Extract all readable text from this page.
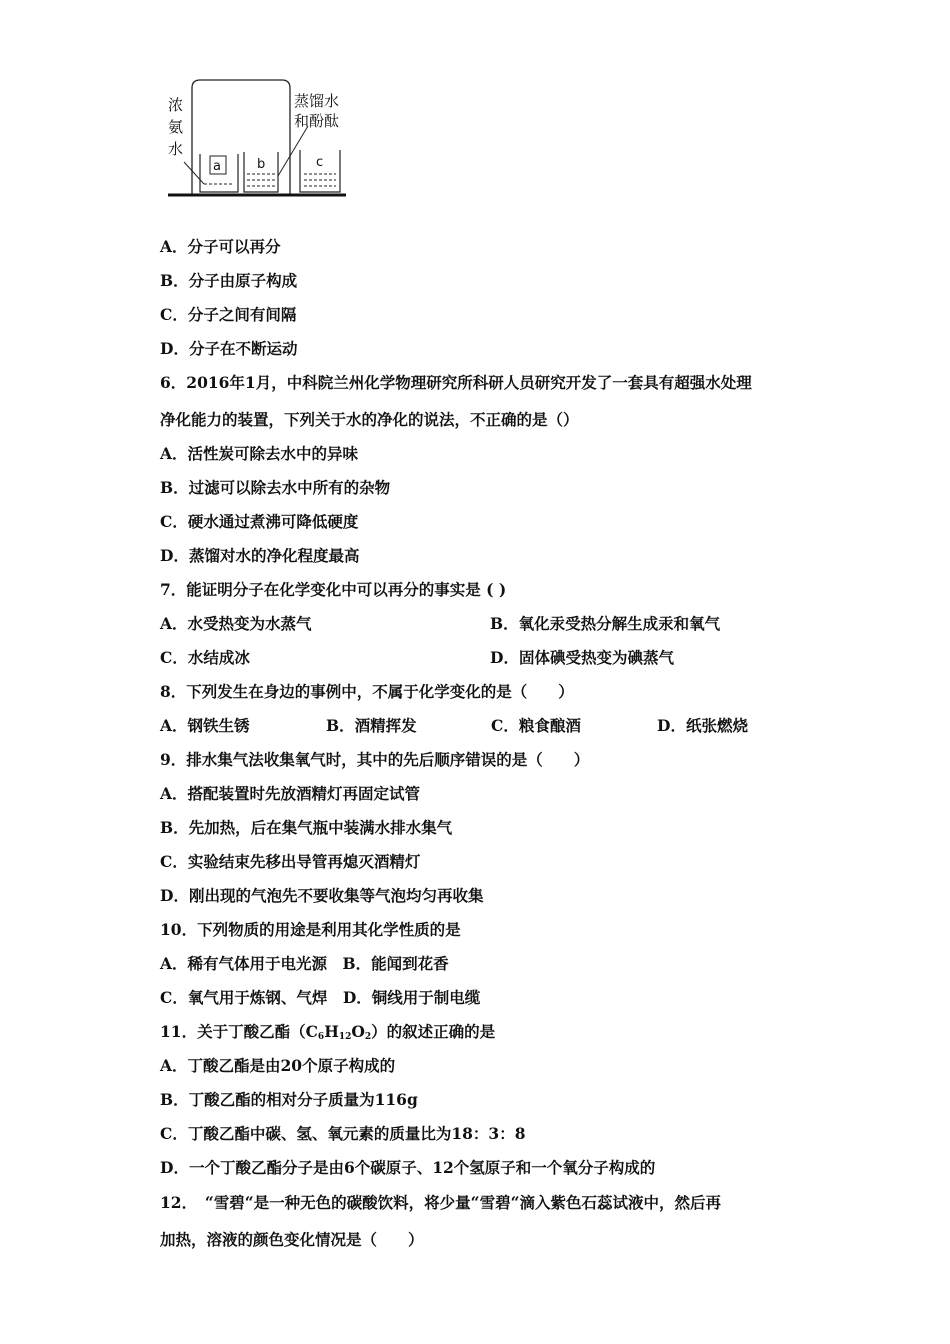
浓
氨
水
蒸馏水
和酚酞
a	b	c
A．分子可以再分
B．分子由原子构成
C．分子之间有间隔
D．分子在不断运动
6．2016年1月，中科院兰州化学物理研究所科研人员研究开发了一套具有超强水处理
净化能力的装置，下列关于水的净化的说法，不正确的是（）
A．活性炭可除去水中的异味
B．过滤可以除去水中所有的杂物
C．硬水通过煮沸可降低硬度
D．蒸馏对水的净化程度最高
7．能证明分子在化学变化中可以再分的事实是 ( )
A．水受热变为水蒸气	B．氧化汞受热分解生成汞和氧气
C．水结成冰	D．固体碘受热变为碘蒸气
8．下列发生在身边的事例中，不属于化学变化的是（　　）
A．钢铁生锈	B．酒精挥发	C．粮食酿酒	D．纸张燃烧
9．排水集气法收集氧气时，其中的先后顺序错误的是（　　）
A．搭配装置时先放酒精灯再固定试管
B．先加热，后在集气瓶中装满水排水集气
C．实验结束先移出导管再熄灭酒精灯
D．刚出现的气泡先不要收集等气泡均匀再收集
10．下列物质的用途是利用其化学性质的是
A．稀有气体用于电光源　B．能闻到花香
C．氧气用于炼钢、气焊　D．铜线用于制电缆
11．关于丁酸乙酯$(C_6H_{12}O_2)$的叙述正确的是
A．丁酸乙酯是由20个原子构成的
B．丁酸乙酯的相对分子质量为116g
C．丁酸乙酯中碳、氢、氧元素的质量比为18：3：8
D．一个丁酸乙酯分子是由6个碳原子、12个氢原子和一个氧分子构成的
12．　“雪碧“是一种无色的碳酸饮料，将少量“雪碧“滴入紫色石蕊试液中，然后再
加热，溶液的颜色变化情况是（　　）
